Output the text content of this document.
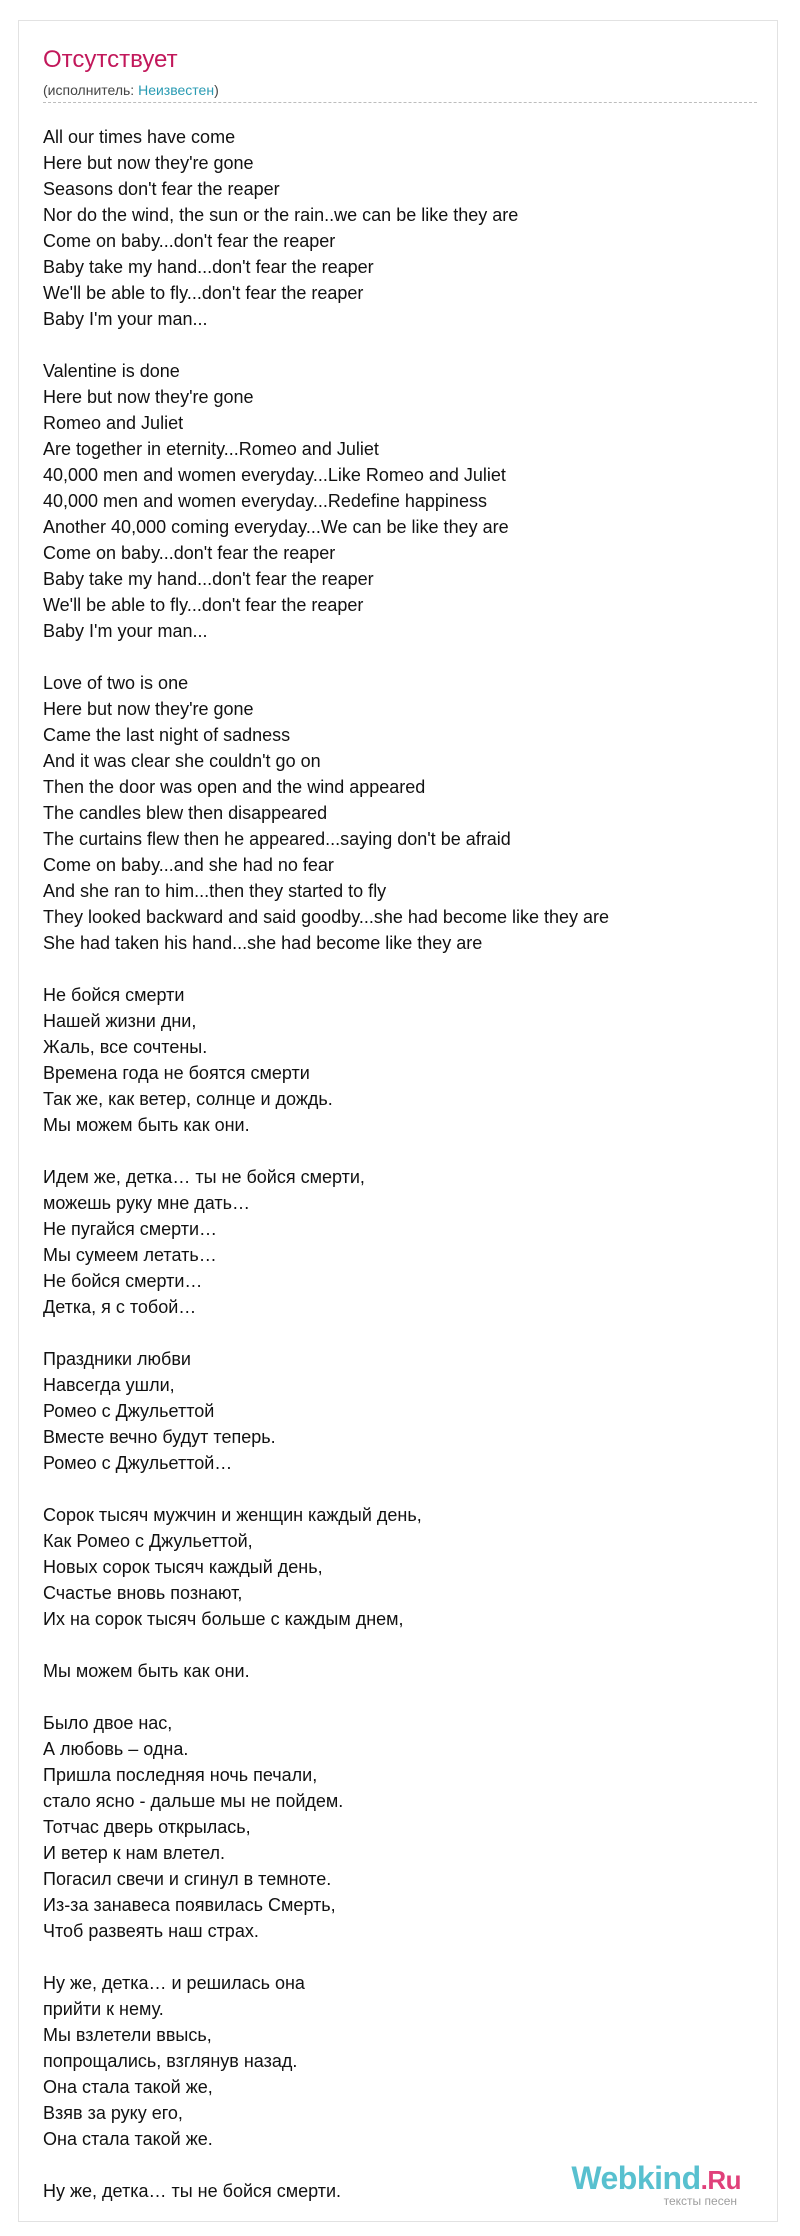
Отсутствует
(исполнитель: Неизвестен)
All our times have come
Here but now they're gone
Seasons don't fear the reaper
Nor do the wind, the sun or the rain..we can be like they are
Come on baby...don't fear the reaper
Baby take my hand...don't fear the reaper
We'll be able to fly...don't fear the reaper
Baby I'm your man...
Valentine is done
Here but now they're gone
Romeo and Juliet
Are together in eternity...Romeo and Juliet
40,000 men and women everyday...Like Romeo and Juliet
40,000 men and women everyday...Redefine happiness
Another 40,000 coming everyday...We can be like they are
Come on baby...don't fear the reaper
Baby take my hand...don't fear the reaper
We'll be able to fly...don't fear the reaper
Baby I'm your man...
Love of two is one
Here but now they're gone
Came the last night of sadness
And it was clear she couldn't go on
Then the door was open and the wind appeared
The candles blew then disappeared
The curtains flew then he appeared...saying don't be afraid
Come on baby...and she had no fear
And she ran to him...then they started to fly
They looked backward and said goodby...she had become like they are
She had taken his hand...she had become like they are
Не бойся смерти
Нашей жизни дни,
Жаль, все сочтены.
Времена года не боятся смерти
Так же, как ветер, солнце и дождь.
Мы можем быть как они.
Идем же, детка… ты не бойся смерти,
можешь руку мне дать…
Не пугайся смерти…
Мы сумеем летать…
Не бойся смерти…
Детка, я с тобой…
Праздники любви
Навсегда ушли,
Ромео с Джульеттой
Вместе вечно будут теперь.
Ромео с Джульеттой…
Сорок тысяч мужчин и женщин каждый день,
Как Ромео с Джульеттой,
Новых сорок тысяч каждый день,
Счастье вновь познают,
Их на сорок тысяч больше с каждым днем,
Мы можем быть как они.
Было двое нас,
А любовь – одна.
Пришла последняя ночь печали,
стало ясно - дальше мы не пойдем.
Тотчас дверь открылась,
И ветер к нам влетел.
Погасил свечи и сгинул в темноте.
Из-за занавеса появилась Смерть,
Чтоб развеять наш страх.
Ну же, детка… и решилась она
прийти к нему.
Мы взлетели ввысь,
попрощались, взглянув назад.
Она стала такой же,
Взяв за руку его,
Она стала такой же.
Ну же, детка… ты не бойся смерти.	Webkind.Ru
тексты песен
